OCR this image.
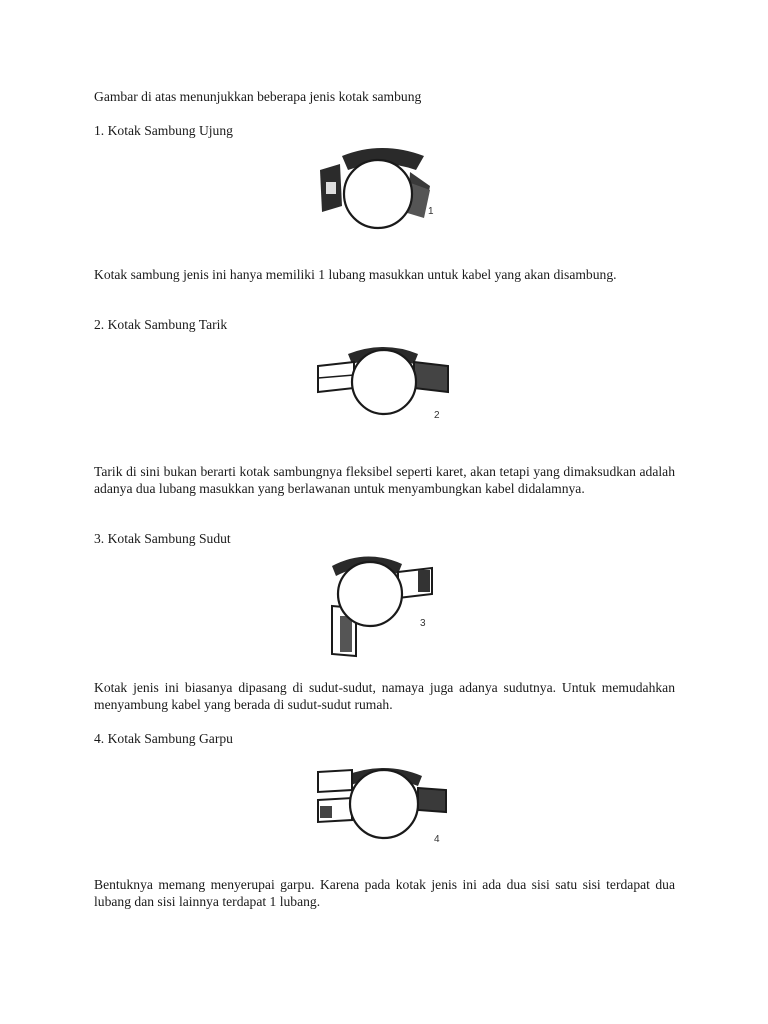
Gambar di atas menunjukkan beberapa jenis kotak sambung

1. Kotak Sambung Ujung

1

Kotak sambung jenis ini hanya memiliki 1 lubang masukkan untuk kabel yang akan disambung.

2. Kotak Sambung Tarik

2

Tarik di sini bukan berarti kotak sambungnya fleksibel seperti karet, akan tetapi yang dimaksudkan adalah adanya dua lubang masukkan yang berlawanan untuk menyambungkan kabel didalamnya.

3. Kotak Sambung Sudut

3

Kotak jenis ini biasanya dipasang di sudut-sudut, namaya juga adanya sudutnya. Untuk memudahkan menyambung kabel yang berada di sudut-sudut rumah.

4. Kotak Sambung Garpu

4

Bentuknya memang menyerupai garpu. Karena pada kotak jenis ini ada dua sisi satu sisi terdapat dua lubang dan sisi lainnya terdapat 1 lubang.
